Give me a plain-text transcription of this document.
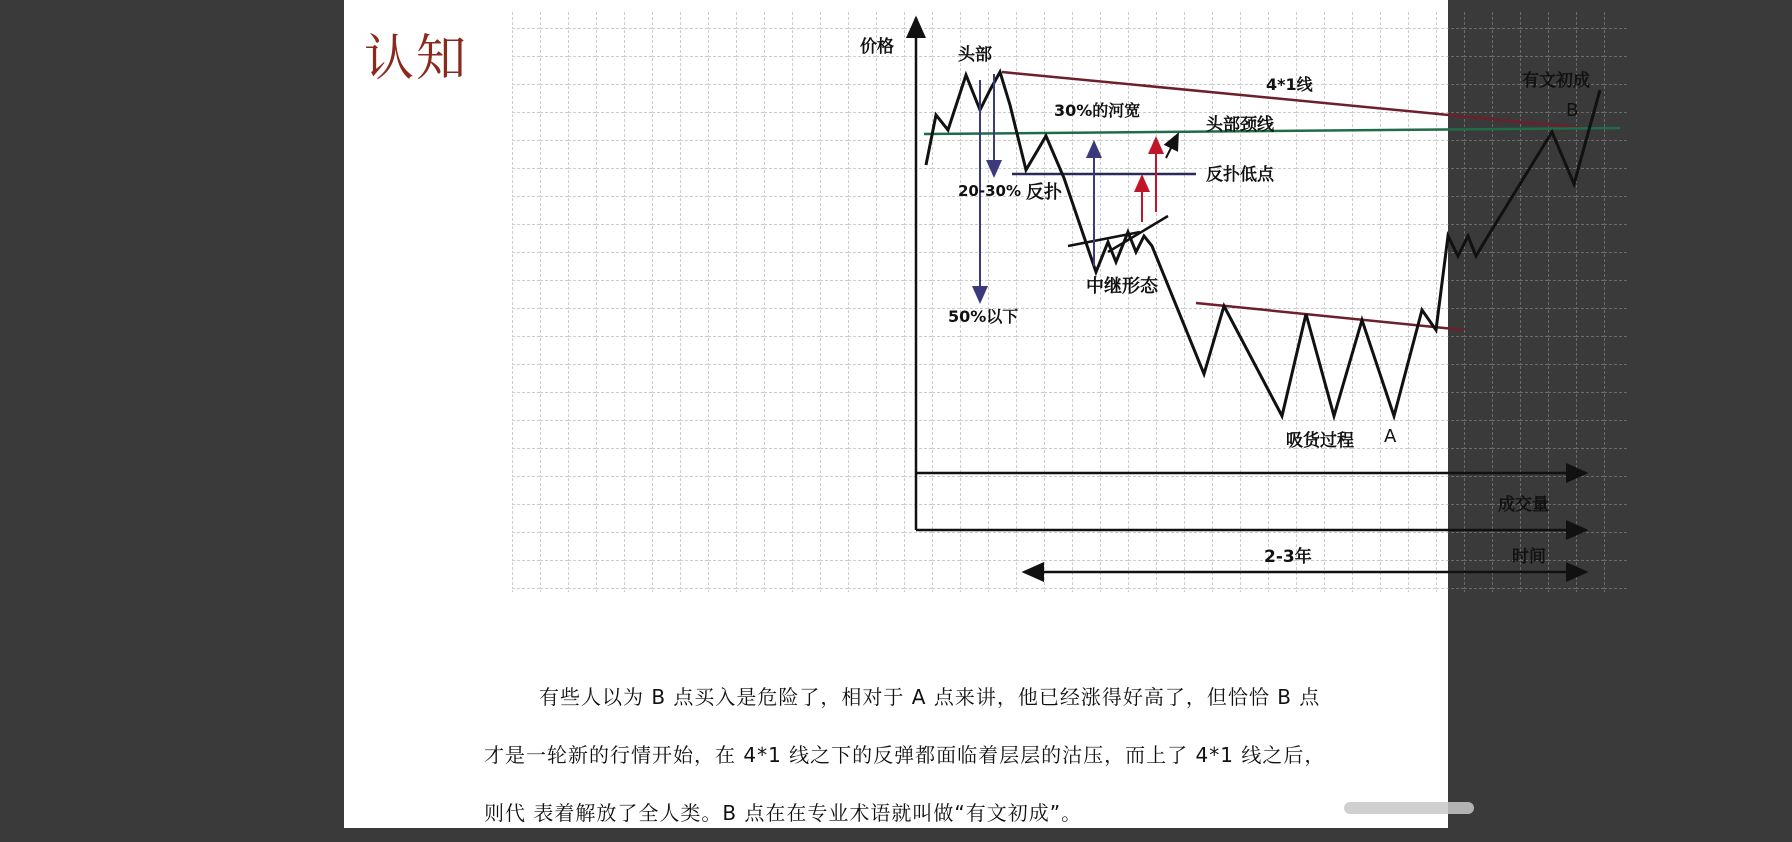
认知	价格	头部
4*1线	有文初成
B
30%的河宽
头部颈线
反扑低点
20-30% 反扑
中继形态
50%以下
吸货过程 A
成交量
2-3年	时间
有些人以为 B 点买入是危险了，相对于 A 点来讲，他已经涨得好高了，但恰恰 B 点
才是一轮新的行情开始，在 4*1 线之下的反弹都面临着层层的沽压，而上了 4*1 线之后，
则代 表着解放了全人类。B 点在在专业术语就叫做“有文初成”。
